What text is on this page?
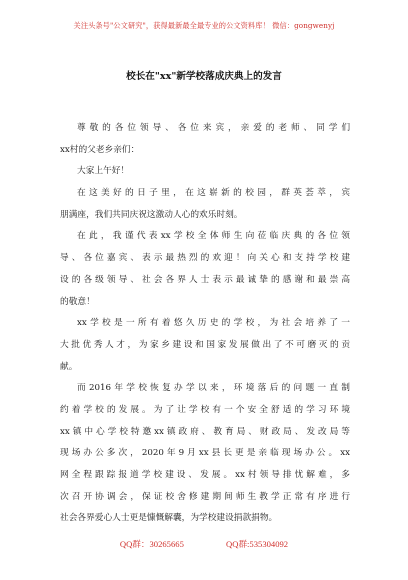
关注头条号"公文研究"，获得最新最全最专业的公文资料库！ 微信：gongwenyj
校长在"xx"新学校落成庆典上的发言
尊敬的各位领导、各位来宾，亲爱的老师、同学们
xx村的父老乡亲们：
大家上午好！
在这美好的日子里，在这崭新的校园，群英荟萃，宾
朋满座，我们共同庆祝这激动人心的欢乐时刻。
在此，我谨代表xx学校全体师生向莅临庆典的各位领
导、各位嘉宾、表示最热烈的欢迎！向关心和支持学校建
设的各级领导、社会各界人士表示最诚挚的感谢和最崇高
的敬意！
xx学校是一所有着悠久历史的学校，为社会培养了一
大批优秀人才，为家乡建设和国家发展做出了不可磨灭的贡
献。
而2016年学校恢复办学以来，环境落后的问题一直制
约着学校的发展。为了让学校有一个安全舒适的学习环境
xx镇中心学校特邀xx镇政府、教育局、财政局、发改局等
现场办公多次，2020年9月xx县长更是亲临现场办公。xx
网全程跟踪报道学校建设、发展。xx村领导排忧解难，多
次召开协调会，保证校舍修建期间师生教学正常有序进行
社会各界爱心人士更是慷慨解囊，为学校建设捐款捐物。
QQ群：30265665	QQ群:535304092
